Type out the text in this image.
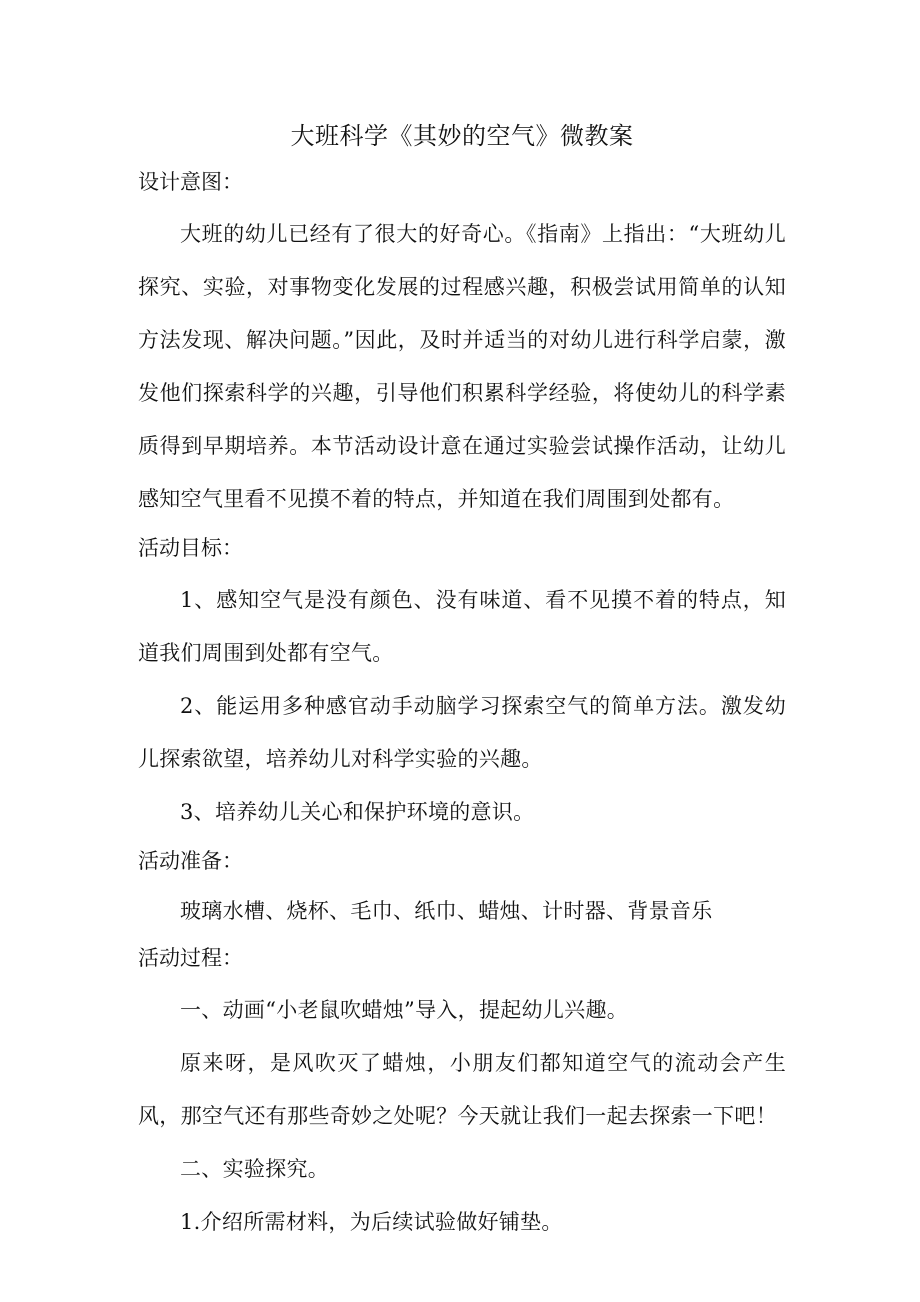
大班科学《其妙的空气》微教案

设计意图：

大班的幼儿已经有了很大的好奇心。《指南》上指出：“大班幼儿探究、实验，对事物变化发展的过程感兴趣，积极尝试用简单的认知方法发现、解决问题。”因此，及时并适当的对幼儿进行科学启蒙，激发他们探索科学的兴趣，引导他们积累科学经验，将使幼儿的科学素质得到早期培养。本节活动设计意在通过实验尝试操作活动，让幼儿感知空气里看不见摸不着的特点，并知道在我们周围到处都有。

活动目标：

1、感知空气是没有颜色、没有味道、看不见摸不着的特点，知道我们周围到处都有空气。

2、能运用多种感官动手动脑学习探索空气的简单方法。激发幼儿探索欲望，培养幼儿对科学实验的兴趣。

3、培养幼儿关心和保护环境的意识。

活动准备：

玻璃水槽、烧杯、毛巾、纸巾、蜡烛、计时器、背景音乐

活动过程：

一、动画“小老鼠吹蜡烛”导入，提起幼儿兴趣。

原来呀，是风吹灭了蜡烛，小朋友们都知道空气的流动会产生风，那空气还有那些奇妙之处呢？今天就让我们一起去探索一下吧！

二、实验探究。

1.介绍所需材料，为后续试验做好铺垫。
